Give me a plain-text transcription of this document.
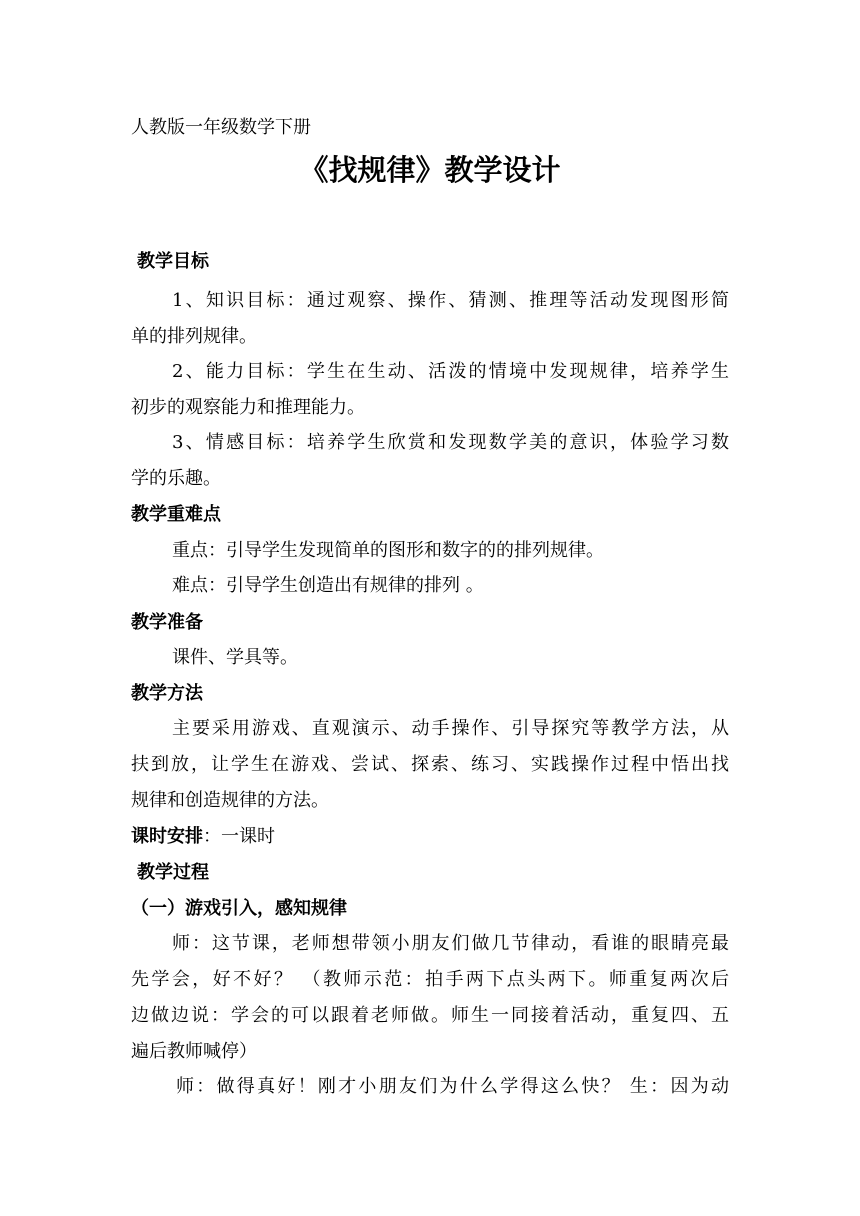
人教版一年级数学下册
《找规律》教学设计
教学目标
1、知识目标：通过观察、操作、猜测、推理等活动发现图形简
单的排列规律。
2、能力目标：学生在生动、活泼的情境中发现规律，培养学生
初步的观察能力和推理能力。
3、情感目标：培养学生欣赏和发现数学美的意识，体验学习数
学的乐趣。
教学重难点
重点：引导学生发现简单的图形和数字的的排列规律。
难点：引导学生创造出有规律的排列 。
教学准备
课件、学具等。
教学方法
主要采用游戏、直观演示、动手操作、引导探究等教学方法，从
扶到放，让学生在游戏、尝试、探索、练习、实践操作过程中悟出找
规律和创造规律的方法。
课时安排：一课时
教学过程
（一）游戏引入，感知规律
师：这节课，老师想带领小朋友们做几节律动，看谁的眼睛亮最
先学会，好不好？ （教师示范：拍手两下点头两下。师重复两次后
边做边说：学会的可以跟着老师做。师生一同接着活动，重复四、五
遍后教师喊停）
师：做得真好！刚才小朋友们为什么学得这么快？ 生：因为动
